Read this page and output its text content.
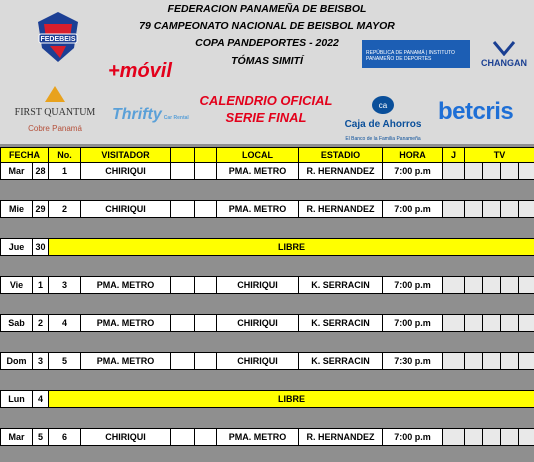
FEDEBEIS
FEDERACION PANAMEÑA DE BEISBOL
79 CAMPEONATO NACIONAL DE BEISBOL MAYOR
COPA PANDEPORTES - 2022
TÓMAS SIMITÍ
+móvil
FIRST QUANTUM
Cobre Panamá
Thrifty Car Rental
CALENDRIO OFICIAL
SERIE FINAL
REPÚBLICA DE PANAMÁ | INSTITUTO PANAMEÑO DE DEPORTES	CHANGAN
ca
Caja de Ahorros
El Banco de la Familia Panameña
betcris
FECHA		No.	VISITADOR			LOCAL	ESTADIO	HORA	J	TV			
Mar	28	1	CHIRIQUI			PMA. METRO	R. HERNANDEZ	7:00 p.m					

Mie	29	2	CHIRIQUI			PMA. METRO	R. HERNANDEZ	7:00 p.m					

Jue	30	LIBRE											

Vie	1	3	PMA. METRO			CHIRIQUI	K. SERRACIN	7:00 p.m					

Sab	2	4	PMA. METRO			CHIRIQUI	K. SERRACIN	7:00 p.m					

Dom	3	5	PMA. METRO			CHIRIQUI	K. SERRACIN	7:30 p.m					

Lun	4	LIBRE											

Mar	5	6	CHIRIQUI			PMA. METRO	R. HERNANDEZ	7:00 p.m					
